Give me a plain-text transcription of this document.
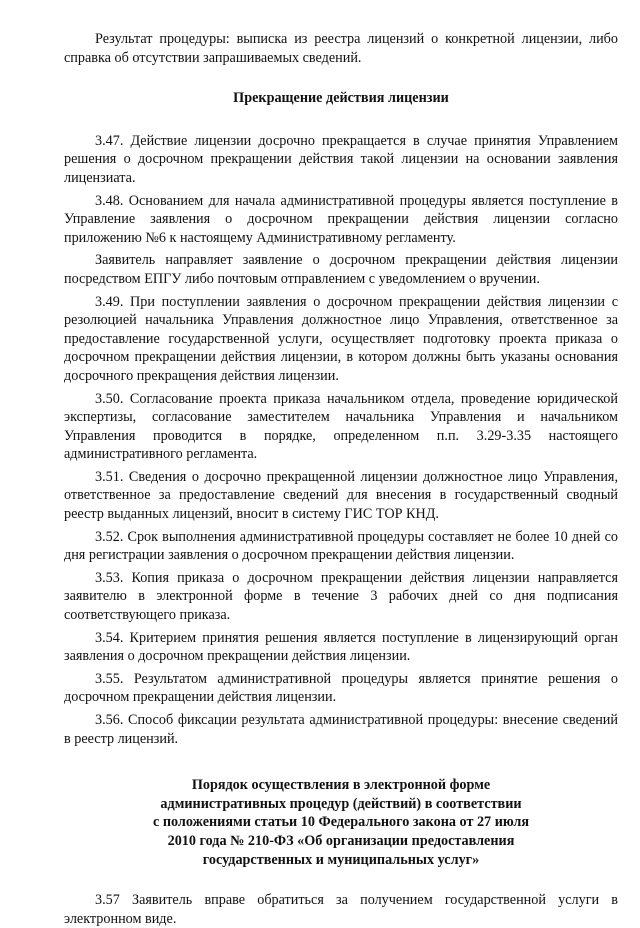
Результат процедуры: выписка из реестра лицензий о конкретной лицензии, либо справка об отсутствии запрашиваемых сведений.

Прекращение действия лицензии

3.47. Действие лицензии досрочно прекращается в случае принятия Управлением решения о досрочном прекращении действия такой лицензии на основании заявления лицензиата.

3.48. Основанием для начала административной процедуры является поступление в Управление заявления о досрочном прекращении действия лицензии согласно приложению №6 к настоящему Административному регламенту.

Заявитель направляет заявление о досрочном прекращении действия лицензии посредством ЕПГУ либо почтовым отправлением с уведомлением о вручении.

3.49. При поступлении заявления о досрочном прекращении действия лицензии с резолюцией начальника Управления должностное лицо Управления, ответственное за предоставление государственной услуги, осуществляет подготовку проекта приказа о досрочном прекращении действия лицензии, в котором должны быть указаны основания досрочного прекращения действия лицензии.

3.50. Согласование проекта приказа начальником отдела, проведение юридической экспертизы, согласование заместителем начальника Управления и начальником Управления проводится в порядке, определенном п.п. 3.29-3.35 настоящего административного регламента.

3.51. Сведения о досрочно прекращенной лицензии должностное лицо Управления, ответственное за предоставление сведений для внесения в государственный сводный реестр выданных лицензий, вносит в систему ГИС ТОР КНД.

3.52. Срок выполнения административной процедуры составляет не более 10 дней со дня регистрации заявления о досрочном прекращении действия лицензии.

3.53. Копия приказа о досрочном прекращении действия лицензии направляется заявителю в электронной форме в течение 3 рабочих дней со дня подписания соответствующего приказа.

3.54. Критерием принятия решения является поступление в лицензирующий орган заявления о досрочном прекращении действия лицензии.

3.55. Результатом административной процедуры является принятие решения о досрочном прекращении действия лицензии.

3.56. Способ фиксации результата административной процедуры: внесение сведений в реестр лицензий.

Порядок осуществления в электронной форме
административных процедур (действий) в соответствии
с положениями статьи 10 Федерального закона от 27 июля
2010 года № 210-ФЗ «Об организации предоставления
государственных и муниципальных услуг»

3.57 Заявитель вправе обратиться за получением государственной услуги в электронном виде.
